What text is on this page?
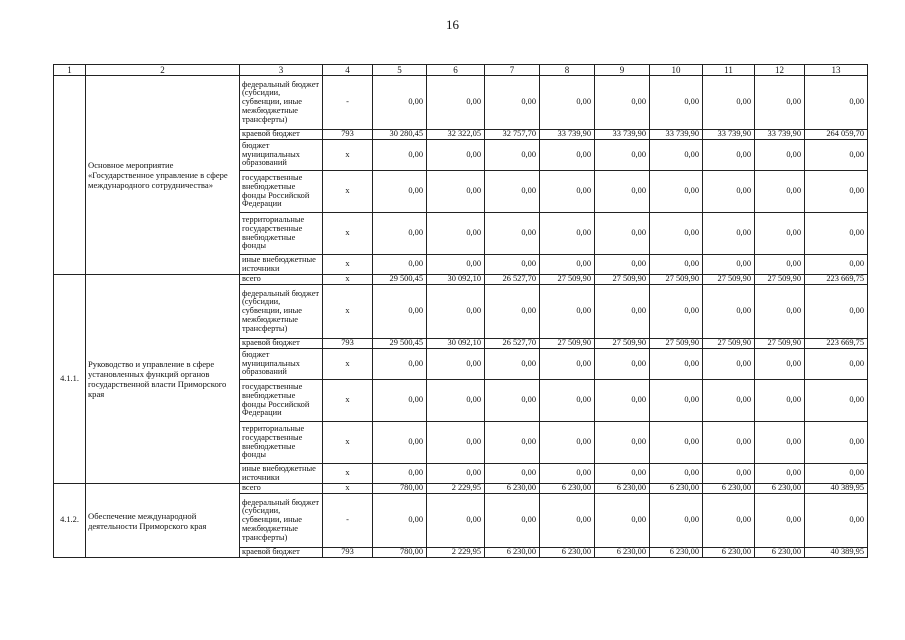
16
1	2	3	4	5	6	7	8	9	10	11	12	13
	Основное мероприятие «Государственное управление в сфере международного сотрудничества»	федеральный бюджет (субсидии, субвенции, иные межбюджетные трансферты)	-	0,00	0,00	0,00	0,00	0,00	0,00	0,00	0,00	0,00
		краевой бюджет	793	30 280,45	32 322,05	32 757,70	33 739,90	33 739,90	33 739,90	33 739,90	33 739,90	264 059,70
		бюджет муниципальных образований	x	0,00	0,00	0,00	0,00	0,00	0,00	0,00	0,00	0,00
		государственные внебюджетные фонды Российской Федерации	x	0,00	0,00	0,00	0,00	0,00	0,00	0,00	0,00	0,00
		территориальные государственные внебюджетные фонды	x	0,00	0,00	0,00	0,00	0,00	0,00	0,00	0,00	0,00
		иные внебюджетные источники	x	0,00	0,00	0,00	0,00	0,00	0,00	0,00	0,00	0,00
4.1.1.	Руководство и управление в сфере установленных функций органов государственной власти Приморского края	всего	x	29 500,45	30 092,10	26 527,70	27 509,90	27 509,90	27 509,90	27 509,90	27 509,90	223 669,75
		федеральный бюджет (субсидии, субвенции, иные межбюджетные трансферты)	x	0,00	0,00	0,00	0,00	0,00	0,00	0,00	0,00	0,00
		краевой бюджет	793	29 500,45	30 092,10	26 527,70	27 509,90	27 509,90	27 509,90	27 509,90	27 509,90	223 669,75
		бюджет муниципальных образований	x	0,00	0,00	0,00	0,00	0,00	0,00	0,00	0,00	0,00
		государственные внебюджетные фонды Российской Федерации	x	0,00	0,00	0,00	0,00	0,00	0,00	0,00	0,00	0,00
		территориальные государственные внебюджетные фонды	x	0,00	0,00	0,00	0,00	0,00	0,00	0,00	0,00	0,00
		иные внебюджетные источники	x	0,00	0,00	0,00	0,00	0,00	0,00	0,00	0,00	0,00
4.1.2.	Обеспечение международной деятельности Приморского края	всего	x	780,00	2 229,95	6 230,00	6 230,00	6 230,00	6 230,00	6 230,00	6 230,00	40 389,95
		федеральный бюджет (субсидии, субвенции, иные межбюджетные трансферты)	-	0,00	0,00	0,00	0,00	0,00	0,00	0,00	0,00	0,00
		краевой бюджет	793	780,00	2 229,95	6 230,00	6 230,00	6 230,00	6 230,00	6 230,00	6 230,00	40 389,95
